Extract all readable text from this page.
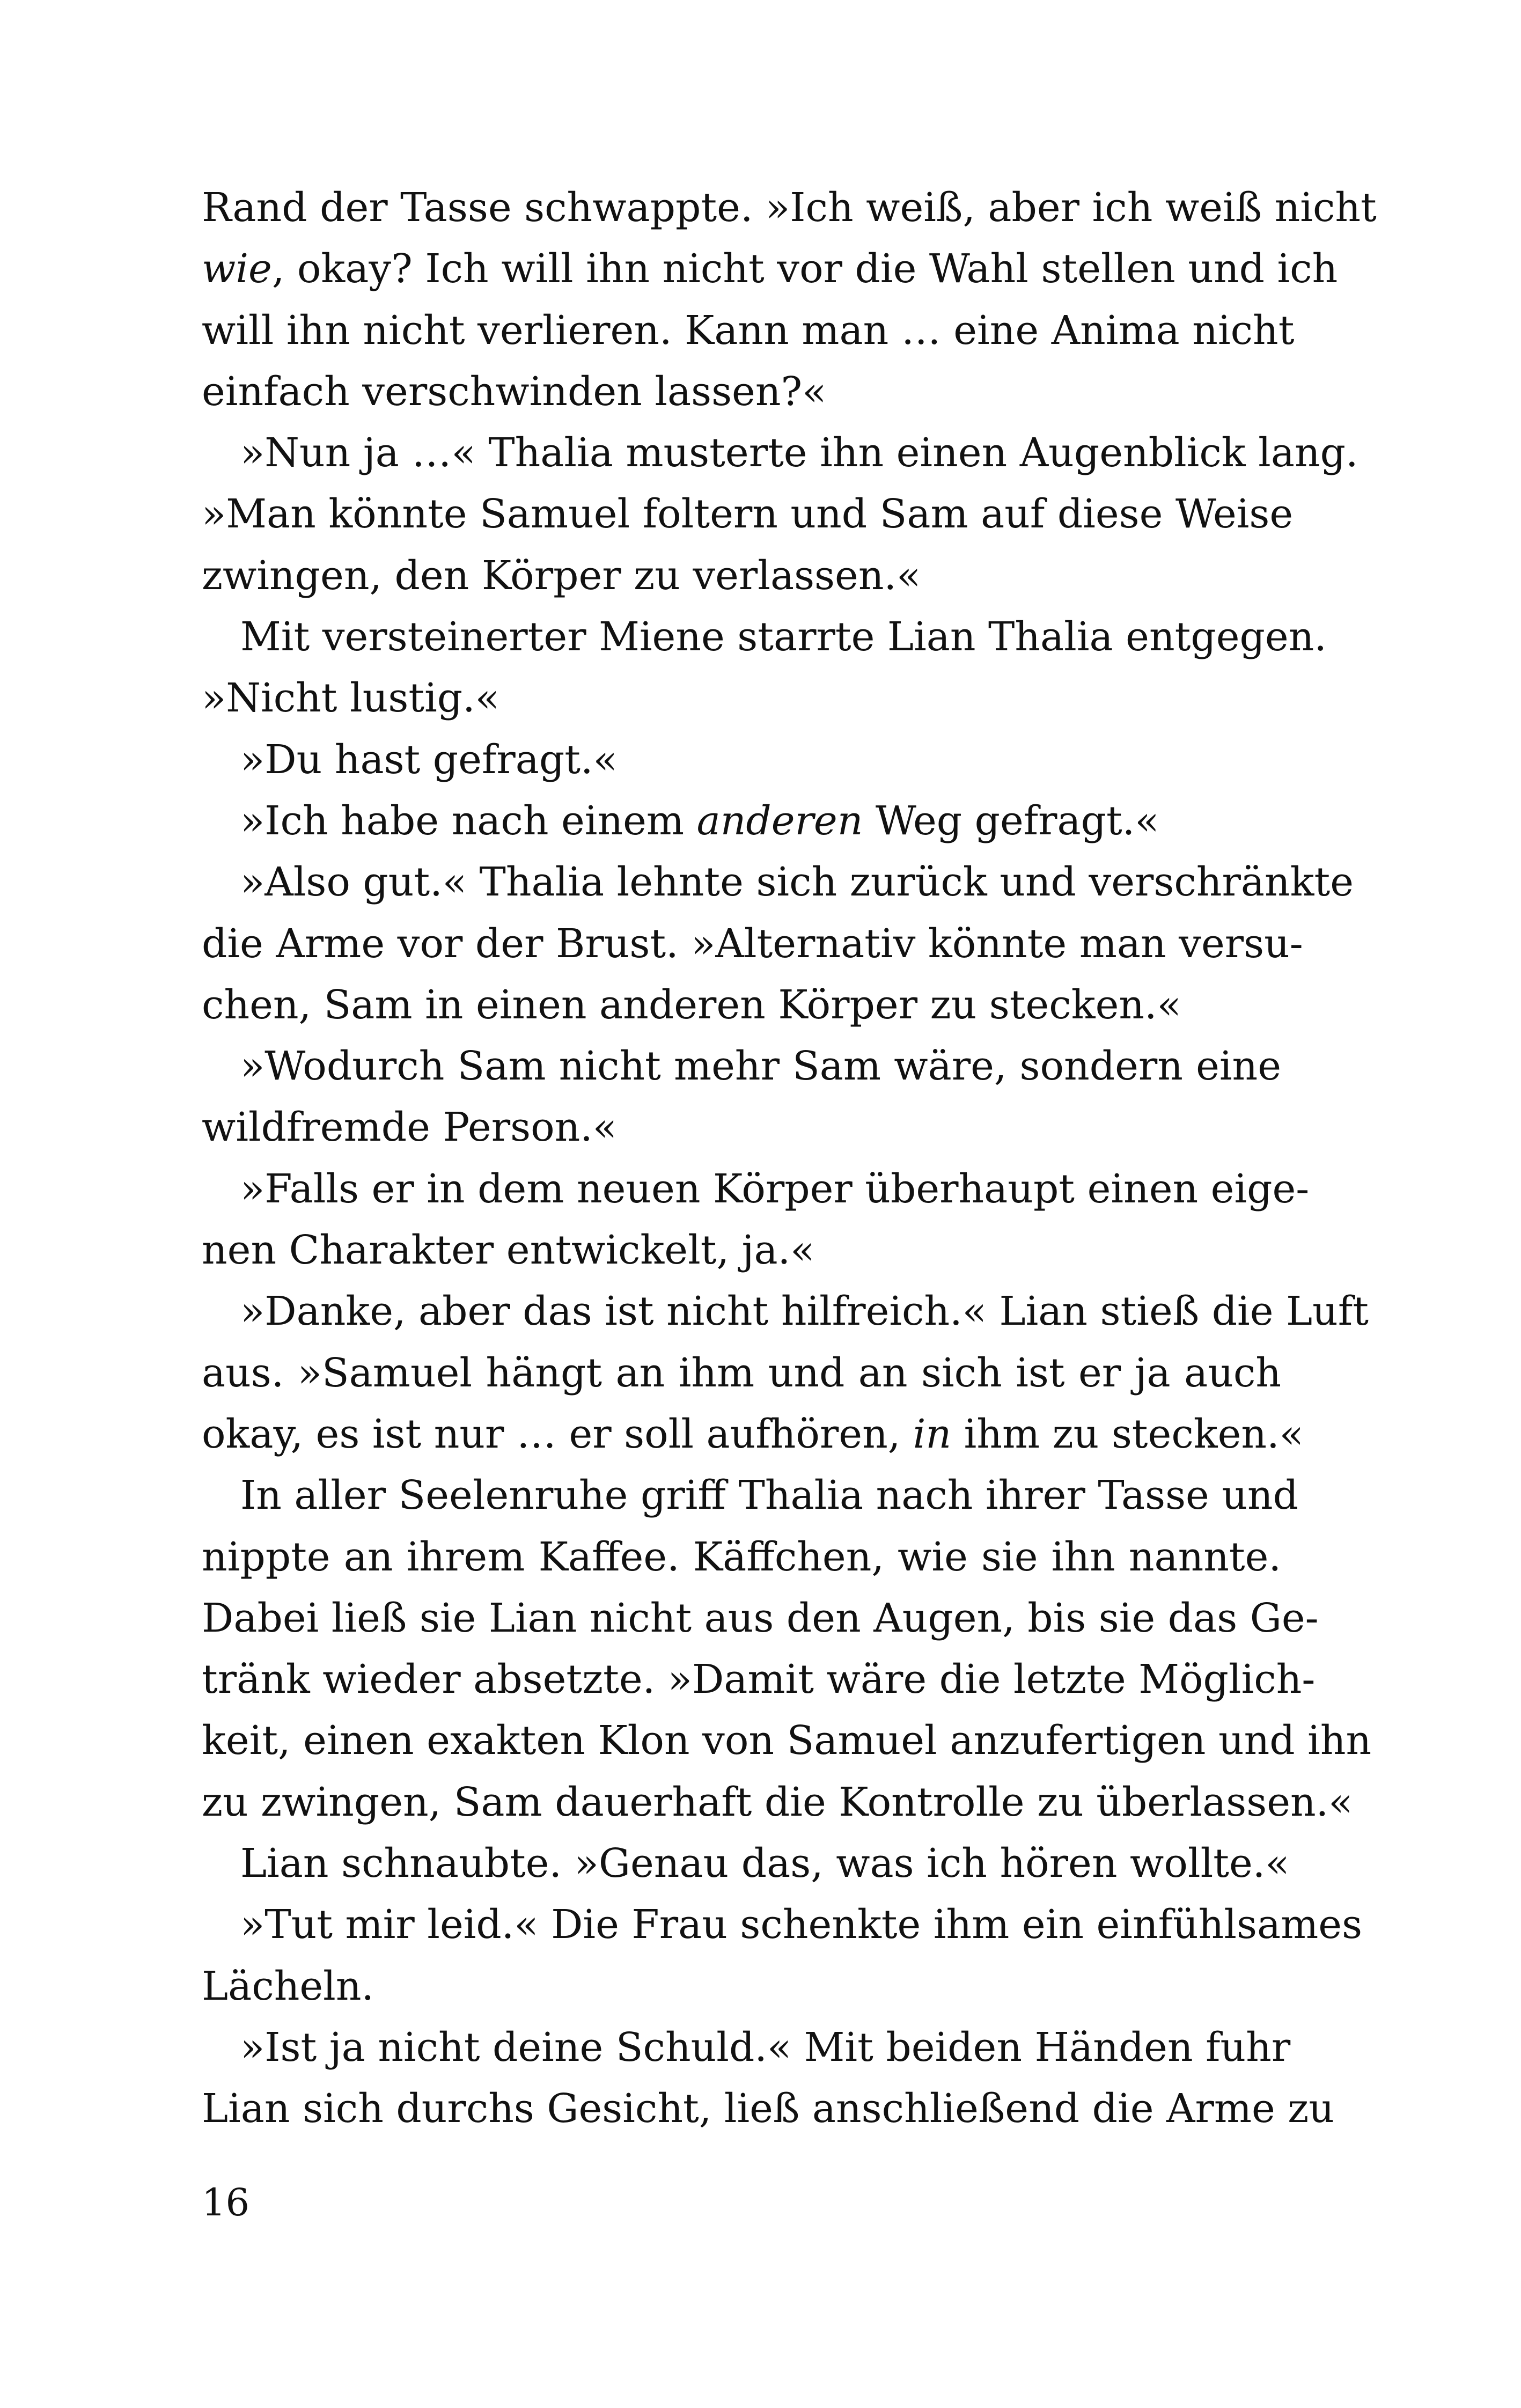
Rand der Tasse schwappte. »Ich weiß, aber ich weiß nicht
wie, okay? Ich will ihn nicht vor die Wahl stellen und ich
will ihn nicht verlieren. Kann man … eine Anima nicht
einfach verschwinden lassen?«
»Nun ja …« Thalia musterte ihn einen Augenblick lang.
»Man könnte Samuel foltern und Sam auf diese Weise
zwingen, den Körper zu verlassen.«
Mit versteinerter Miene starrte Lian Thalia entgegen.
»Nicht lustig.«
»Du hast gefragt.«
»Ich habe nach einem anderen Weg gefragt.«
»Also gut.« Thalia lehnte sich zurück und verschränkte
die Arme vor der Brust. »Alternativ könnte man versu-
chen, Sam in einen anderen Körper zu stecken.«
»Wodurch Sam nicht mehr Sam wäre, sondern eine
wildfremde Person.«
»Falls er in dem neuen Körper überhaupt einen eige-
nen Charakter entwickelt, ja.«
»Danke, aber das ist nicht hilfreich.« Lian stieß die Luft
aus. »Samuel hängt an ihm und an sich ist er ja auch
okay, es ist nur … er soll aufhören, in ihm zu stecken.«
In aller Seelenruhe griff Thalia nach ihrer Tasse und
nippte an ihrem Kaffee. Käffchen, wie sie ihn nannte.
Dabei ließ sie Lian nicht aus den Augen, bis sie das Ge-
tränk wieder absetzte. »Damit wäre die letzte Möglich-
keit, einen exakten Klon von Samuel anzufertigen und ihn
zu zwingen, Sam dauerhaft die Kontrolle zu überlassen.«
Lian schnaubte. »Genau das, was ich hören wollte.«
»Tut mir leid.« Die Frau schenkte ihm ein einfühlsames
Lächeln.
»Ist ja nicht deine Schuld.« Mit beiden Händen fuhr
Lian sich durchs Gesicht, ließ anschließend die Arme zu
16
